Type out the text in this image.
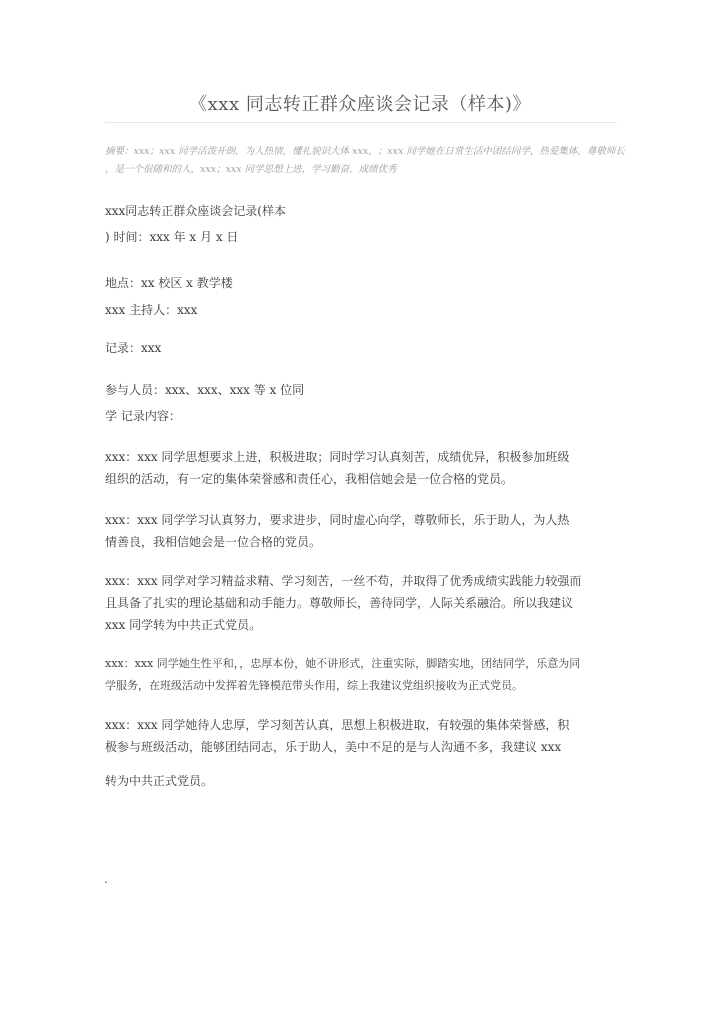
《xxx 同志转正群众座谈会记录（样本)》
摘要：xxx；xxx 同学活泼开朗，为人热情，懂礼貌识大体 xxx，；xxx 同学她在日常生活中团结同学，热爱集体，尊敬师长
，是一个很随和的人，xxx；xxx 同学思想上进，学习勤奋，成绩优秀
xxx同志转正群众座谈会记录(样本
) 时间：xxx 年 x 月 x 日
地点：xx 校区 x 教学楼
xxx 主持人：xxx
记录：xxx
参与人员：xxx、xxx、xxx 等 x 位同
学 记录内容：
xxx：xxx 同学思想要求上进，积极进取；同时学习认真刻苦，成绩优异，积极参加班级
组织的活动，有一定的集体荣誉感和责任心，我相信她会是一位合格的党员。
xxx：xxx 同学学习认真努力，要求进步，同时虚心向学，尊敬师长，乐于助人，为人热
情善良，我相信她会是一位合格的党员。
xxx：xxx 同学对学习精益求精、学习刻苦，一丝不苟，并取得了优秀成绩实践能力较强而
且具备了扎实的理论基础和动手能力。尊敬师长，善待同学，人际关系融洽。所以我建议
xxx 同学转为中共正式党员。
xxx：xxx 同学她生性平和，，忠厚本份，她不讲形式，注重实际，脚踏实地，团结同学，乐意为同
学服务，在班级活动中发挥着先锋模范带头作用，综上我建议党组织接收为正式党员。
xxx：xxx 同学她待人忠厚，学习刻苦认真，思想上积极进取，有较强的集体荣誉感，积
极参与班级活动，能够团结同志，乐于助人，美中不足的是与人沟通不多，我建议 xxx
转为中共正式党员。
.
